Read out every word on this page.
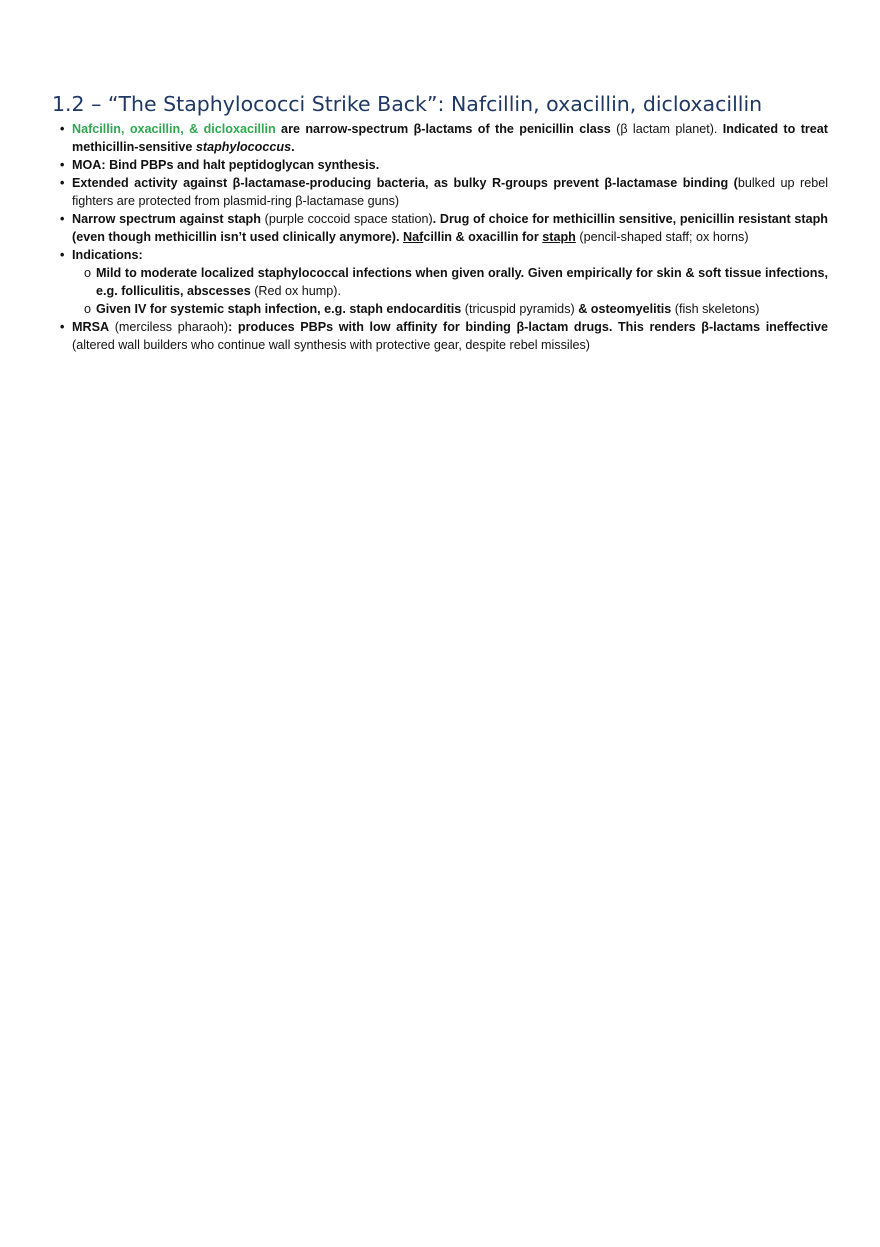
1.2 – “The Staphylococci Strike Back”: Nafcillin, oxacillin, dicloxacillin
• Nafcillin, oxacillin, & dicloxacillin are narrow-spectrum β-lactams of the penicillin class (β lactam planet). Indicated to treat methicillin-sensitive staphylococcus.
• MOA: Bind PBPs and halt peptidoglycan synthesis.
• Extended activity against β-lactamase-producing bacteria, as bulky R-groups prevent β-lactamase binding (bulked up rebel fighters are protected from plasmid-ring β-lactamase guns)
• Narrow spectrum against staph (purple coccoid space station). Drug of choice for methicillin sensitive, penicillin resistant staph (even though methicillin isn’t used clinically anymore). Nafcillin & oxacillin for staph (pencil-shaped staff; ox horns)
• Indications:
o Mild to moderate localized staphylococcal infections when given orally. Given empirically for skin & soft tissue infections, e.g. folliculitis, abscesses (Red ox hump).
o Given IV for systemic staph infection, e.g. staph endocarditis (tricuspid pyramids) & osteomyelitis (fish skeletons)
• MRSA (merciless pharaoh): produces PBPs with low affinity for binding β-lactam drugs. This renders β-lactams ineffective (altered wall builders who continue wall synthesis with protective gear, despite rebel missiles)
